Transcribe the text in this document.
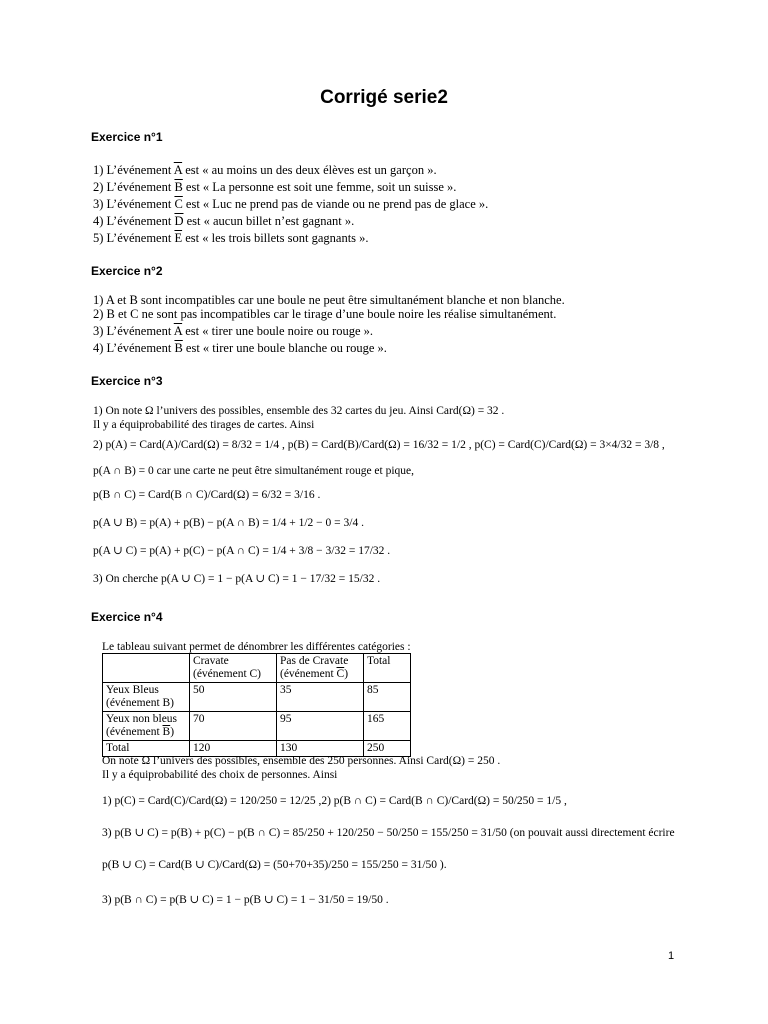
Corrigé serie2
Exercice n°1
1) L’événement $\overline{A}$ est « au moins un des deux élèves est un garçon ».
2) L’événement $\overline{B}$ est « La personne est soit une femme, soit un suisse ».
3) L’événement $\overline{C}$ est « Luc ne prend pas de viande ou ne prend pas de glace ».
4) L’événement $\overline{D}$ est « aucun billet n’est gagnant ».
5) L’événement $\overline{E}$ est « les trois billets sont gagnants ».
Exercice n°2
1) A et B sont incompatibles car une boule ne peut être simultanément blanche et non blanche.
2) B et C ne sont pas incompatibles car le tirage d’une boule noire les réalise simultanément.
3) L’événement $\overline{A}$ est « tirer une boule noire ou rouge ».
4) L’événement $\overline{B}$ est « tirer une boule blanche ou rouge ».
Exercice n°3
1) On note Ω l’univers des possibles, ensemble des 32 cartes du jeu. Ainsi Card(Ω) = 32 .
Il y a équiprobabilité des tirages de cartes. Ainsi
2) p(A) = Card(A)/Card(Ω) = 8/32 = 1/4 , p(B) = Card(B)/Card(Ω) = 16/32 = 1/2 , p(C) = Card(C)/Card(Ω) = 3×4/32 = 3/8 ,
p(A ∩ B) = 0 car une carte ne peut être simultanément rouge et pique,
p(B ∩ C) = Card(B ∩ C)/Card(Ω) = 6/32 = 3/16 .
p(A ∪ B) = p(A) + p(B) − p(A ∩ B) = 1/4 + 1/2 − 0 = 3/4 .
p(A ∪ C) = p(A) + p(C) − p(A ∩ C) = 1/4 + 3/8 − 3/32 = 17/32 .
3) On cherche p(A ∪ C) = 1 − p(A ∪ C) = 1 − 17/32 = 15/32 .
Exercice n°4
Le tableau suivant permet de dénombrer les différentes catégories :
	Cravate
(événement C)	Pas de Cravate
(événement $\overline{C}$)	Total
Yeux Bleus
(événement B)	50	35	85
Yeux non bleus
(événement $\overline{B}$)	70	95	165
Total	120	130	250
On note Ω l’univers des possibles, ensemble des 250 personnes. Ainsi Card(Ω) = 250 .
Il y a équiprobabilité des choix de personnes. Ainsi
1) p(C) = Card(C)/Card(Ω) = 120/250 = 12/25 ,2) p(B ∩ C) = Card(B ∩ C)/Card(Ω) = 50/250 = 1/5 ,
3) p(B ∪ C) = p(B) + p(C) − p(B ∩ C) = 85/250 + 120/250 − 50/250 = 155/250 = 31/50 (on pouvait aussi directement écrire
p(B ∪ C) = Card(B ∪ C)/Card(Ω) = (50+70+35)/250 = 155/250 = 31/50 ).
3) p(B ∩ C) = p(B ∪ C) = 1 − p(B ∪ C) = 1 − 31/50 = 19/50 .
1
